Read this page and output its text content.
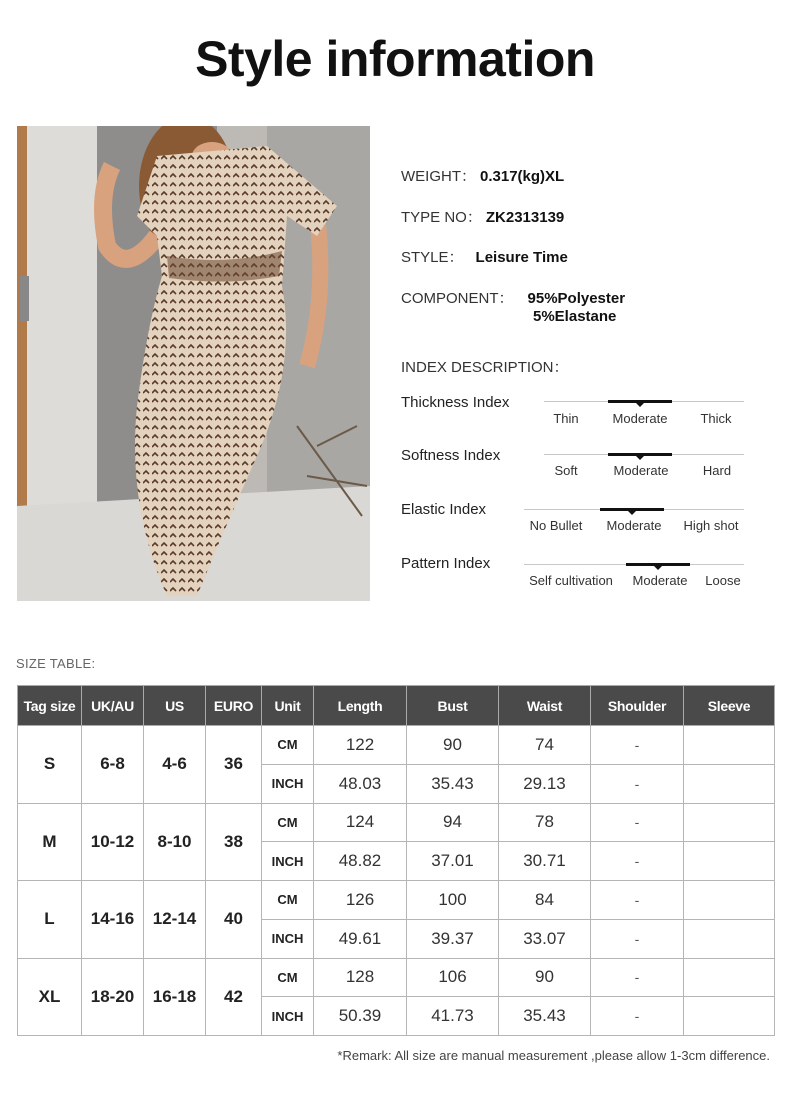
Style information
WEIGHT： 0.317(kg)XL
TYPE NO： ZK2313139
STYLE： Leisure Time
COMPONENT： 95%Polyester
5%Elastane
INDEX DESCRIPTION：
Thickness Index
Thin	Moderate	Thick
Softness Index
Soft	Moderate	Hard
Elastic Index
No Bullet Moderate High shot
Pattern Index
Self cultivation Moderate Loose
SIZE TABLE:
Tag size	UK/AU	US	EURO	Unit	Length	Bust	Waist	Shoulder	Sleeve
S	6-8	4-6	36	CM	122	90	74	-	
				INCH	48.03	35.43	29.13	-	
M	10-12	8-10	38	CM	124	94	78	-	
				INCH	48.82	37.01	30.71	-	
L	14-16	12-14	40	CM	126	100	84	-	
				INCH	49.61	39.37	33.07	-	
XL	18-20	16-18	42	CM	128	106	90	-	
				INCH	50.39	41.73	35.43	-	
*Remark: All size are manual measurement ,please allow 1-3cm difference.
